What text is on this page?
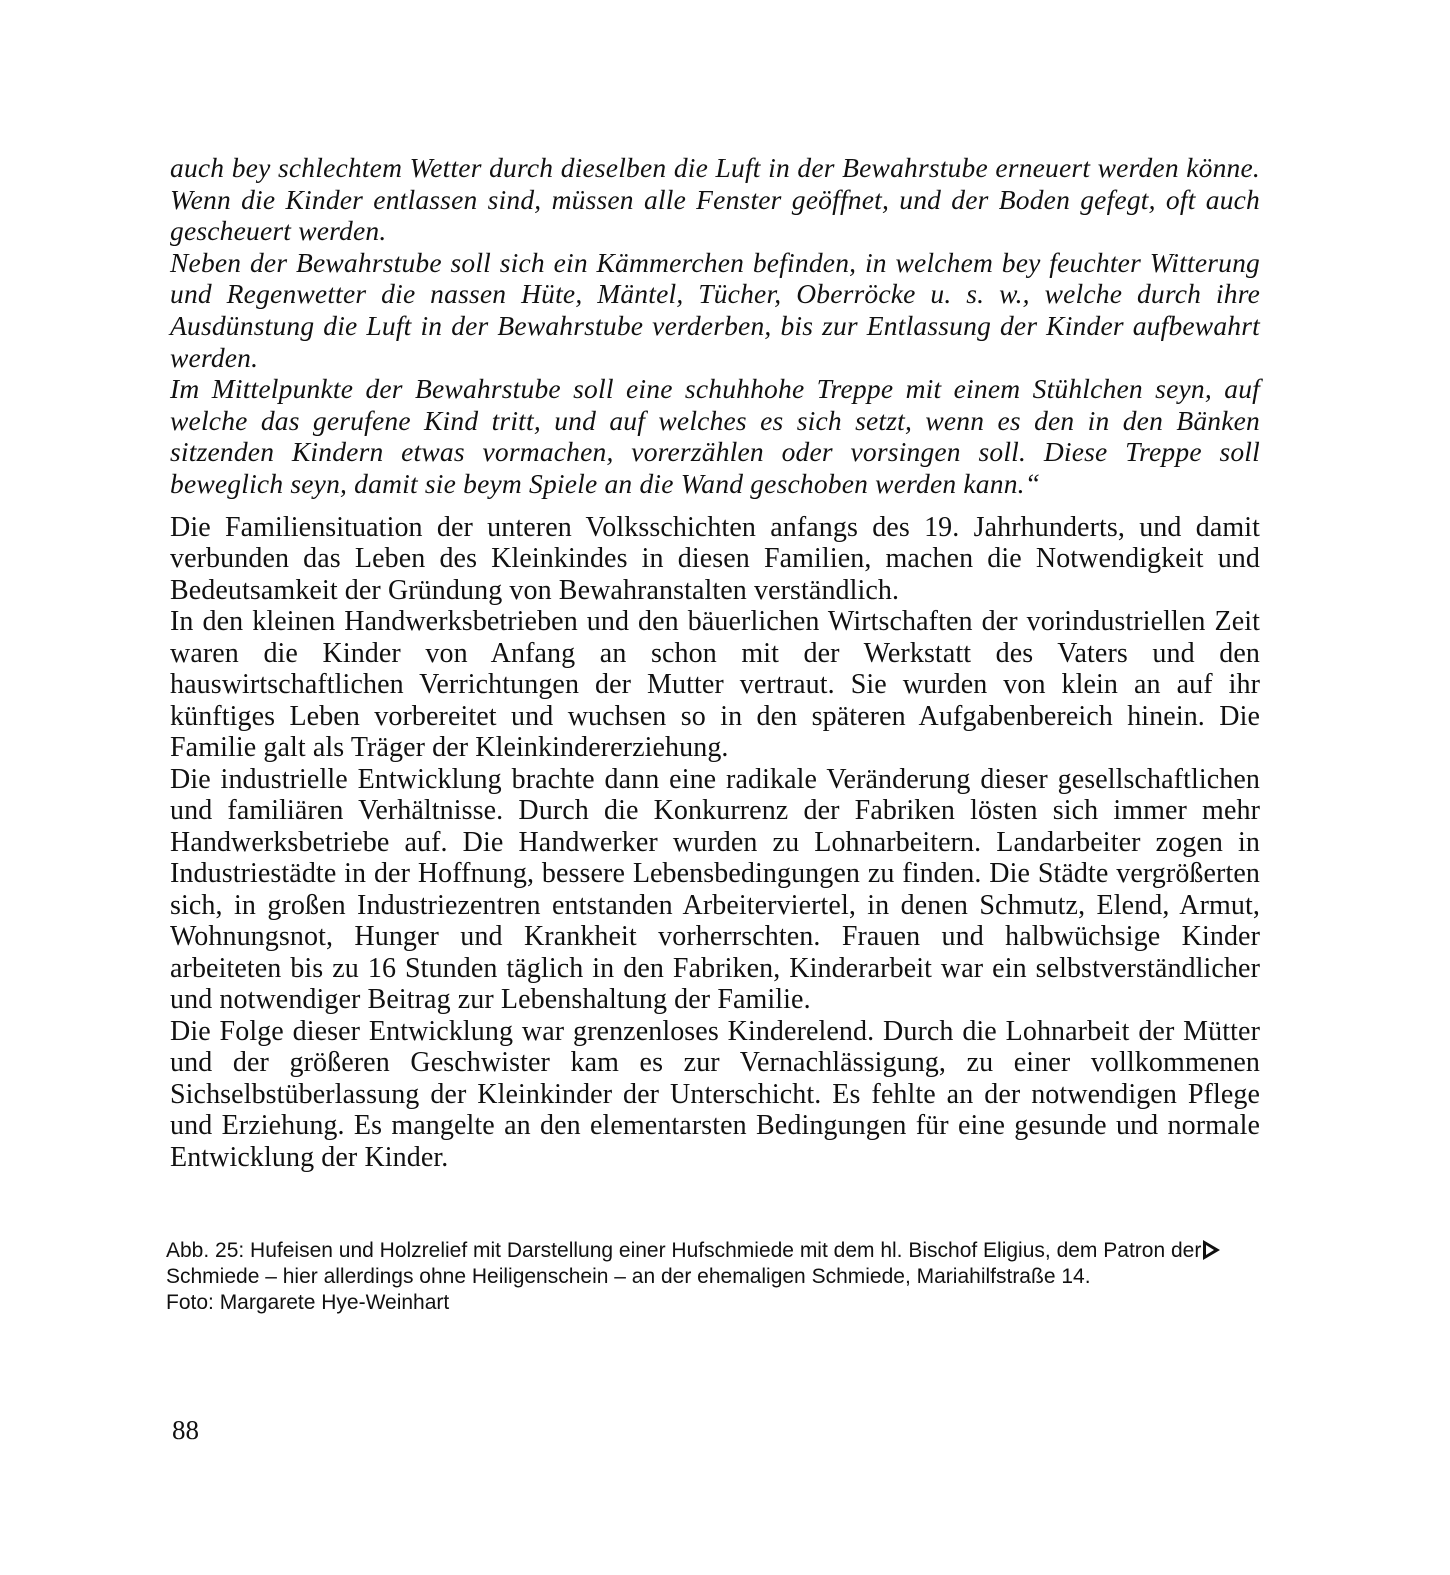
auch bey schlechtem Wetter durch dieselben die Luft in der Bewahrstube erneuert werden könne. Wenn die Kinder entlassen sind, müssen alle Fenster geöffnet, und der Boden gefegt, oft auch gescheuert werden.

Neben der Bewahrstube soll sich ein Kämmerchen befinden, in welchem bey feuchter Witterung und Regenwetter die nassen Hüte, Mäntel, Tücher, Oberröcke u. s. w., welche durch ihre Ausdünstung die Luft in der Bewahrstube verderben, bis zur Entlassung der Kinder aufbewahrt werden.

Im Mittelpunkte der Bewahrstube soll eine schuhhohe Treppe mit einem Stühlchen seyn, auf welche das gerufene Kind tritt, und auf welches es sich setzt, wenn es den in den Bänken sitzenden Kindern etwas vormachen, vorerzählen oder vorsingen soll. Diese Treppe soll beweglich seyn, damit sie beym Spiele an die Wand geschoben werden kann.“

Die Familiensituation der unteren Volksschichten anfangs des 19. Jahrhunderts, und damit verbunden das Leben des Kleinkindes in diesen Familien, machen die Notwendigkeit und Bedeutsamkeit der Gründung von Bewahranstalten verständlich.

In den kleinen Handwerksbetrieben und den bäuerlichen Wirtschaften der vorindustriellen Zeit waren die Kinder von Anfang an schon mit der Werkstatt des Vaters und den hauswirtschaftlichen Verrichtungen der Mutter vertraut. Sie wurden von klein an auf ihr künftiges Leben vorbereitet und wuchsen so in den späteren Aufgabenbereich hinein. Die Familie galt als Träger der Kleinkindererziehung.

Die industrielle Entwicklung brachte dann eine radikale Veränderung dieser gesellschaftlichen und familiären Verhältnisse. Durch die Konkurrenz der Fabriken lösten sich immer mehr Handwerksbetriebe auf. Die Handwerker wurden zu Lohnarbeitern. Landarbeiter zogen in Industriestädte in der Hoffnung, bessere Lebensbedingungen zu finden. Die Städte vergrößerten sich, in großen Industriezentren entstanden Arbeiterviertel, in denen Schmutz, Elend, Armut, Wohnungsnot, Hunger und Krankheit vorherrschten. Frauen und halbwüchsige Kinder arbeiteten bis zu 16 Stunden täglich in den Fabriken, Kinderarbeit war ein selbstverständlicher und notwendiger Beitrag zur Lebenshaltung der Familie.

Die Folge dieser Entwicklung war grenzenloses Kinderelend. Durch die Lohnarbeit der Mütter und der größeren Geschwister kam es zur Vernachlässigung, zu einer vollkommenen Sichselbstüberlassung der Kleinkinder der Unterschicht. Es fehlte an der notwendigen Pflege und Erziehung. Es mangelte an den elementarsten Bedingungen für eine gesunde und normale Entwicklung der Kinder.

Abb. 25: Hufeisen und Holzrelief mit Darstellung einer Hufschmiede mit dem hl. Bischof Eligius, dem Patron der

Schmiede – hier allerdings ohne Heiligenschein – an der ehemaligen Schmiede, Mariahilfstraße 14.

Foto: Margarete Hye-Weinhart

88
